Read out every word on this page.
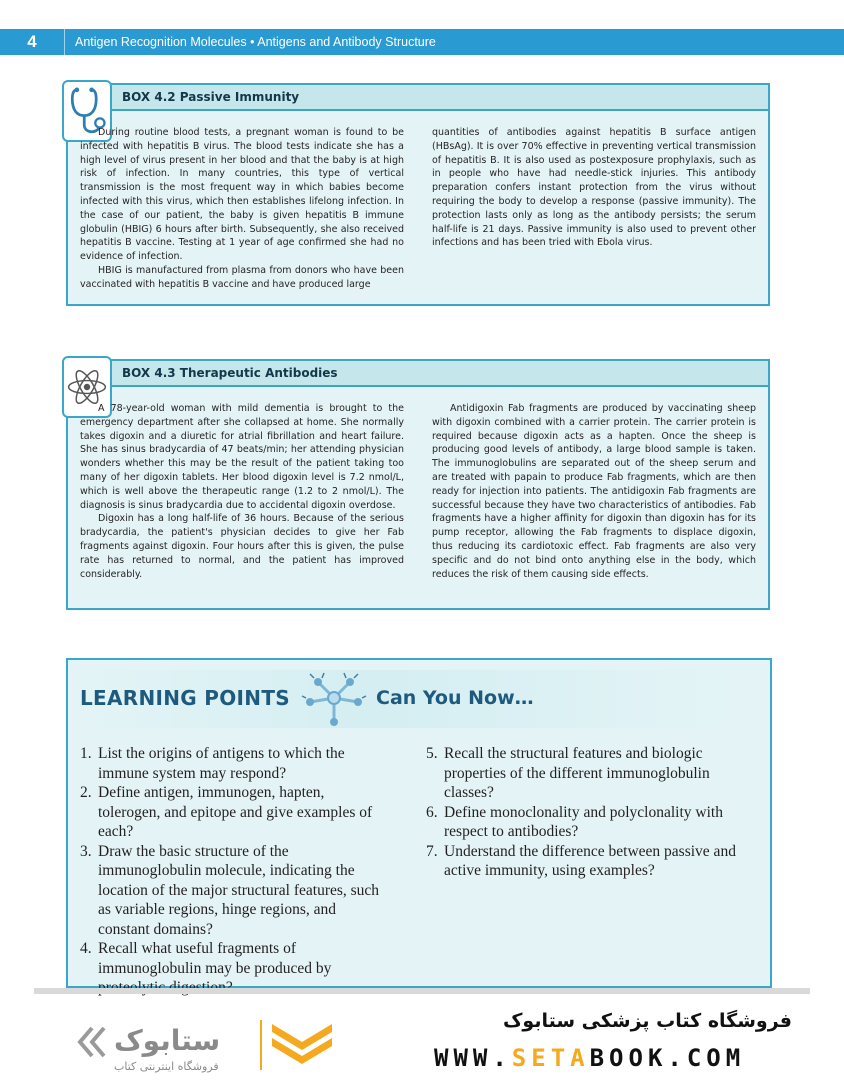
4	Antigen Recognition Molecules • Antigens and Antibody Structure
BOX 4.2 Passive Immunity

During routine blood tests, a pregnant woman is found to be infected with hepatitis B virus. The blood tests indicate she has a high level of virus present in her blood and that the baby is at high risk of infection. In many countries, this type of vertical transmission is the most frequent way in which babies become infected with this virus, which then establishes lifelong infection. In the case of our patient, the baby is given hepatitis B immune globulin (HBIG) 6 hours after birth. Subsequently, she also received hepatitis B vaccine. Testing at 1 year of age confirmed she had no evidence of infection.

HBIG is manufactured from plasma from donors who have been vaccinated with hepatitis B vaccine and have produced large

quantities of antibodies against hepatitis B surface antigen (HBsAg). It is over 70% effective in preventing vertical transmission of hepatitis B. It is also used as postexposure prophylaxis, such as in people who have had needle-stick injuries. This antibody preparation confers instant protection from the virus without requiring the body to develop a response (passive immunity). The protection lasts only as long as the antibody persists; the serum half-life is 21 days. Passive immunity is also used to prevent other infections and has been tried with Ebola virus.

BOX 4.3 Therapeutic Antibodies

A 78-year-old woman with mild dementia is brought to the emergency department after she collapsed at home. She normally takes digoxin and a diuretic for atrial fibrillation and heart failure. She has sinus bradycardia of 47 beats/min; her attending physician wonders whether this may be the result of the patient taking too many of her digoxin tablets. Her blood digoxin level is 7.2 nmol/L, which is well above the therapeutic range (1.2 to 2 nmol/L). The diagnosis is sinus bradycardia due to accidental digoxin overdose.

Digoxin has a long half-life of 36 hours. Because of the serious bradycardia, the patient's physician decides to give her Fab fragments against digoxin. Four hours after this is given, the pulse rate has returned to normal, and the patient has improved considerably.

Antidigoxin Fab fragments are produced by vaccinating sheep with digoxin combined with a carrier protein. The carrier protein is required because digoxin acts as a hapten. Once the sheep is producing good levels of antibody, a large blood sample is taken. The immunoglobulins are separated out of the sheep serum and are treated with papain to produce Fab fragments, which are then ready for injection into patients. The antidigoxin Fab fragments are successful because they have two characteristics of antibodies. Fab fragments have a higher affinity for digoxin than digoxin has for its pump receptor, allowing the Fab fragments to displace digoxin, thus reducing its cardiotoxic effect. Fab fragments are also very specific and do not bind onto anything else in the body, which reduces the risk of them causing side effects.

LEARNING POINTS	Can You Now…
1. List the origins of antigens to which the immune system may respond?
2. Define antigen, immunogen, hapten, tolerogen, and epitope and give examples of each?
3. Draw the basic structure of the immunoglobulin molecule, indicating the location of the major structural features, such as variable regions, hinge regions, and constant domains?
4. Recall what useful fragments of immunoglobulin may be produced by
5. Recall the structural features and biologic properties of the different immunoglobulin classes?
6. Define monoclonality and polyclonality with respect to antibodies?
7. Understand the difference between passive and active immunity, using examples?
ستابوک
فروشگاه اینترنتی کتاب
فروشگاه کتاب پزشکی ستابوک
WWW.SETABOOK.COM
